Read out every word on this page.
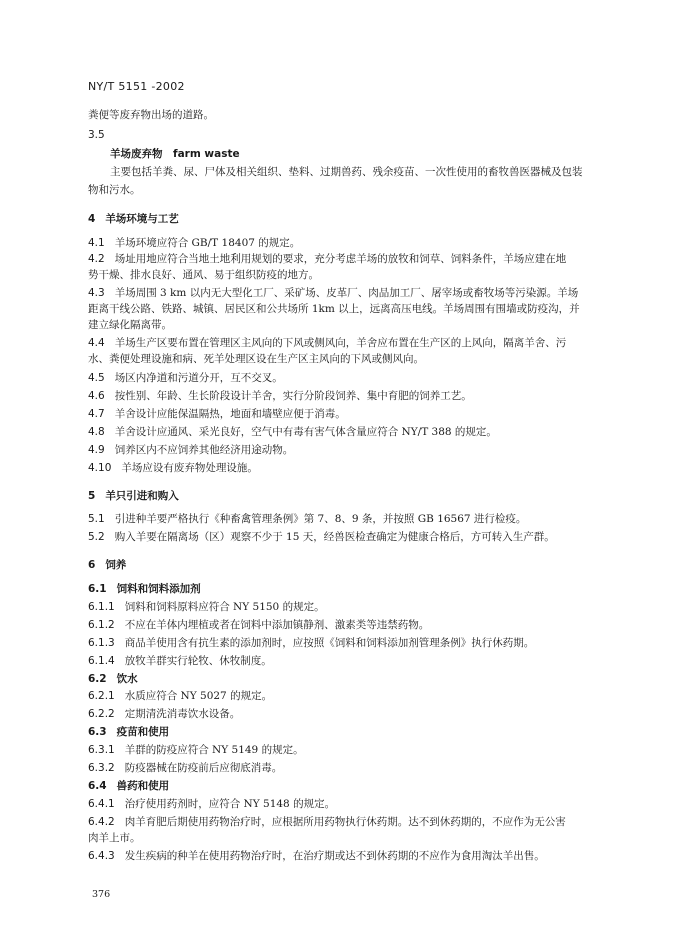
NY/T 5151 -2002
粪便等废弃物出场的道路。
3.5
羊场废弃物　farm waste
主要包括羊粪、尿、尸体及相关组织、垫料、过期兽药、残余疫苗、一次性使用的畜牧兽医器械及包装
物和污水。
4 羊场环境与工艺
4.1 羊场环境应符合 GB/T 18407 的规定。
4.2 场址用地应符合当地土地利用规划的要求，充分考虑羊场的放牧和饲草、饲料条件，羊场应建在地
势干燥、排水良好、通风、易于组织防疫的地方。
4.3 羊场周围 3 km 以内无大型化工厂、采矿场、皮革厂、肉品加工厂、屠宰场或畜牧场等污染源。羊场
距离干线公路、铁路、城镇、居民区和公共场所 1km 以上，远离高压电线。羊场周围有围墙或防疫沟，并
建立绿化隔离带。
4.4 羊场生产区要布置在管理区主风向的下风或侧风向，羊舍应布置在生产区的上风向，隔离羊舍、污
水、粪便处理设施和病、死羊处理区设在生产区主风向的下风或侧风向。
4.5 场区内净道和污道分开，互不交叉。
4.6 按性别、年龄、生长阶段设计羊舍，实行分阶段饲养、集中育肥的饲养工艺。
4.7 羊舍设计应能保温隔热，地面和墙壁应便于消毒。
4.8 羊舍设计应通风、采光良好，空气中有毒有害气体含量应符合 NY/T 388 的规定。
4.9 饲养区内不应饲养其他经济用途动物。
4.10 羊场应设有废弃物处理设施。
5 羊只引进和购入
5.1 引进种羊要严格执行《种畜禽管理条例》第 7、8、9 条，并按照 GB 16567 进行检疫。
5.2 购入羊要在隔离场（区）观察不少于 15 天，经兽医检查确定为健康合格后，方可转入生产群。
6 饲养
6.1 饲料和饲料添加剂
6.1.1 饲料和饲料原料应符合 NY 5150 的规定。
6.1.2 不应在羊体内埋植或者在饲料中添加镇静剂、激素类等违禁药物。
6.1.3 商品羊使用含有抗生素的添加剂时，应按照《饲料和饲料添加剂管理条例》执行休药期。
6.1.4 放牧羊群实行轮牧、休牧制度。
6.2 饮水
6.2.1 水质应符合 NY 5027 的规定。
6.2.2 定期清洗消毒饮水设备。
6.3 疫苗和使用
6.3.1 羊群的防疫应符合 NY 5149 的规定。
6.3.2 防疫器械在防疫前后应彻底消毒。
6.4 兽药和使用
6.4.1 治疗使用药剂时，应符合 NY 5148 的规定。
6.4.2 肉羊育肥后期使用药物治疗时，应根据所用药物执行休药期。达不到休药期的，不应作为无公害
肉羊上市。
6.4.3 发生疾病的种羊在使用药物治疗时，在治疗期或达不到休药期的不应作为食用淘汰羊出售。
376
